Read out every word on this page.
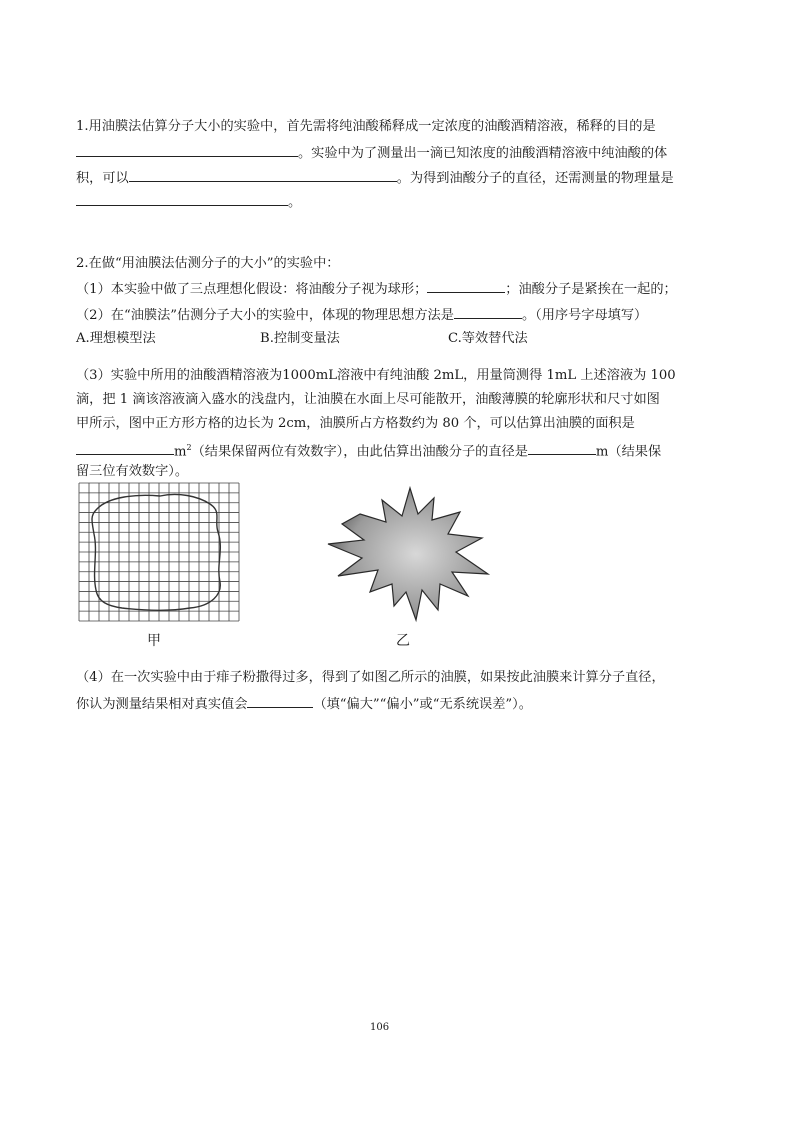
1.用油膜法估算分子大小的实验中，首先需将纯油酸稀释成一定浓度的油酸酒精溶液，稀释的目的是
。实验中为了测量出一滴已知浓度的油酸酒精溶液中纯油酸的体
积，可以	。为得到油酸分子的直径，还需测量的物理量是
。
2.在做“用油膜法估测分子的大小”的实验中：
（1）本实验中做了三点理想化假设：将油酸分子视为球形；	；油酸分子是紧挨在一起的；
（2）在“油膜法”估测分子大小的实验中，体现的物理思想方法是	。（用序号字母填写）
A.理想模型法	B.控制变量法	C.等效替代法
（3）实验中所用的油酸酒精溶液为1000mL溶液中有纯油酸 2mL，用量筒测得 1mL 上述溶液为 100
滴，把 1 滴该溶液滴入盛水的浅盘内，让油膜在水面上尽可能散开，油酸薄膜的轮廓形状和尺寸如图
甲所示，图中正方形方格的边长为 2cm，油膜所占方格数约为 80 个，可以估算出油膜的面积是
$m^2$（结果保留两位有效数字），由此估算出油酸分子的直径是	m（结果保
留三位有效数字）。
甲	乙
（4）在一次实验中由于痱子粉撒得过多，得到了如图乙所示的油膜，如果按此油膜来计算分子直径，
你认为测量结果相对真实值会	（填“偏大”“偏小”或“无系统误差”）。
106
